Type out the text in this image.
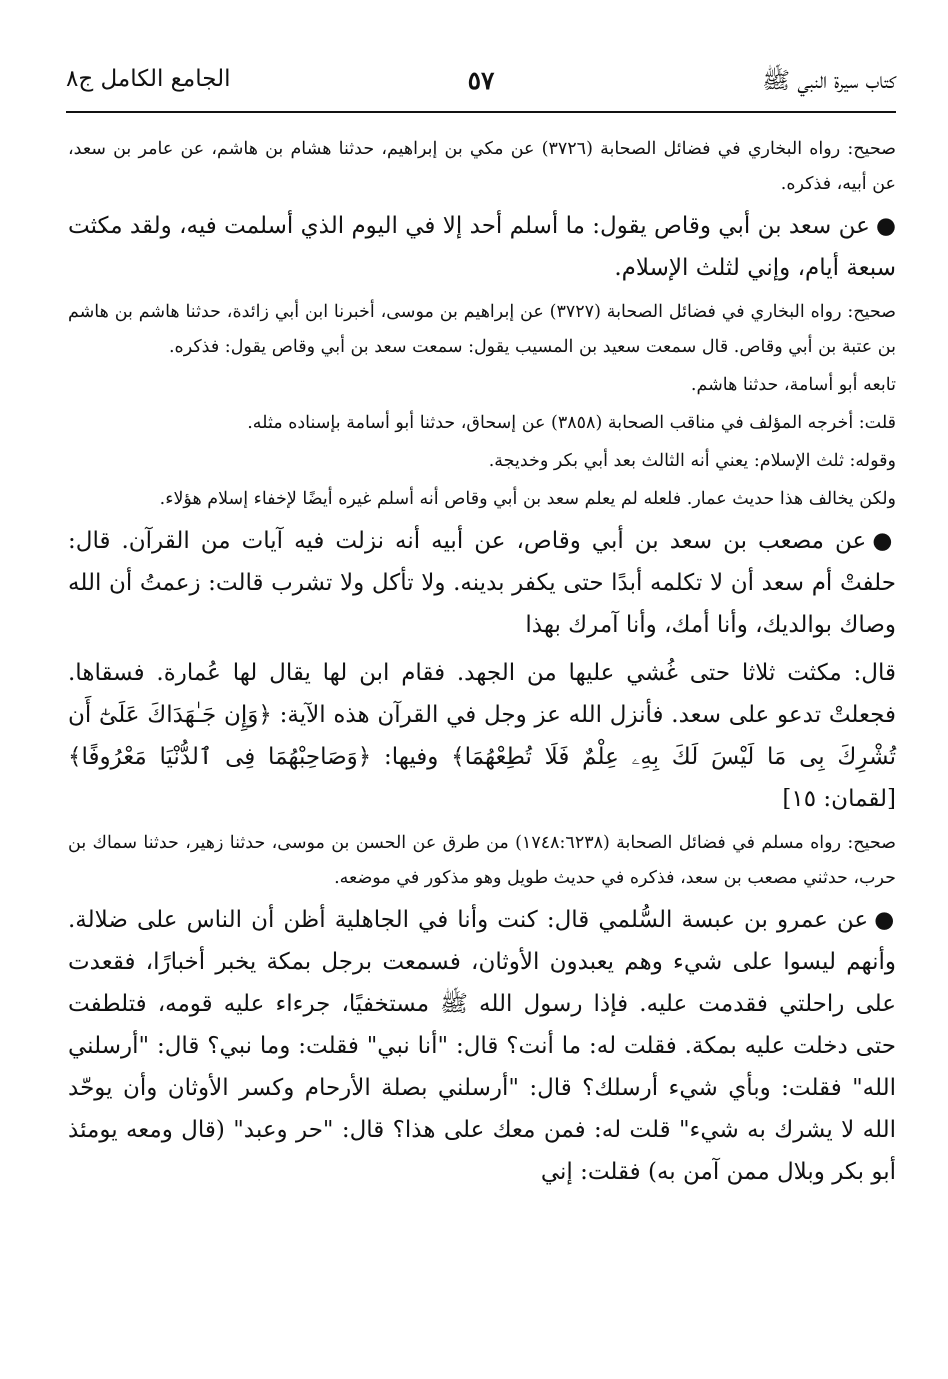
كتاب سيرة النبي ﷺ
٥٧
الجامع الكامل ج٨

صحيح: رواه البخاري في فضائل الصحابة (٣٧٢٦) عن مكي بن إبراهيم، حدثنا هشام بن هاشم، عن عامر بن سعد، عن أبيه، فذكره.

●عن سعد بن أبي وقاص يقول: ما أسلم أحد إلا في اليوم الذي أسلمت فيه، ولقد مكثت سبعة أيام، وإني لثلث الإسلام.

صحيح: رواه البخاري في فضائل الصحابة (٣٧٢٧) عن إبراهيم بن موسى، أخبرنا ابن أبي زائدة، حدثنا هاشم بن هاشم بن عتبة بن أبي وقاص. قال سمعت سعيد بن المسيب يقول: سمعت سعد بن أبي وقاص يقول: فذكره.

تابعه أبو أسامة، حدثنا هاشم.

قلت: أخرجه المؤلف في مناقب الصحابة (٣٨٥٨) عن إسحاق، حدثنا أبو أسامة بإسناده مثله.

وقوله: ثلث الإسلام: يعني أنه الثالث بعد أبي بكر وخديجة.

ولكن يخالف هذا حديث عمار. فلعله لم يعلم سعد بن أبي وقاص أنه أسلم غيره أيضًا لإخفاء إسلام هؤلاء.

●عن مصعب بن سعد بن أبي وقاص، عن أبيه أنه نزلت فيه آيات من القرآن. قال: حلفتْ أم سعد أن لا تكلمه أبدًا حتى يكفر بدينه. ولا تأكل ولا تشرب قالت: زعمتُ أن الله وصاك بوالديك، وأنا أمك، وأنا آمرك بهذا

قال: مكثت ثلاثا حتى غُشي عليها من الجهد. فقام ابن لها يقال لها عُمارة. فسقاها. فجعلتْ تدعو على سعد. فأنزل الله عز وجل في القرآن هذه الآية: ﴿وَإِن جَـٰهَدَاكَ عَلَىٰٓ أَن تُشْرِكَ بِى مَا لَيْسَ لَكَ بِهِۦ عِلْمٌ فَلَا تُطِعْهُمَا﴾ وفيها: ﴿وَصَاحِبْهُمَا فِى ٱلدُّنْيَا مَعْرُوفًا﴾ [لقمان: ١٥]

صحيح: رواه مسلم في فضائل الصحابة (١٧٤٨:٦٢٣٨) من طرق عن الحسن بن موسى، حدثنا زهير، حدثنا سماك بن حرب، حدثني مصعب بن سعد، فذكره في حديث طويل وهو مذكور في موضعه.

●عن عمرو بن عبسة السُّلمي قال: كنت وأنا في الجاهلية أظن أن الناس على ضلالة. وأنهم ليسوا على شيء وهم يعبدون الأوثان، فسمعت برجل بمكة يخبر أخبارًا، فقعدت على راحلتي فقدمت عليه. فإذا رسول الله ﷺ مستخفيًا، جرءاء عليه قومه، فتلطفت حتى دخلت عليه بمكة. فقلت له: ما أنت؟ قال: "أنا نبي" فقلت: وما نبي؟ قال: "أرسلني الله" فقلت: وبأي شيء أرسلك؟ قال: "أرسلني بصلة الأرحام وكسر الأوثان وأن يوحّد الله لا يشرك به شيء" قلت له: فمن معك على هذا؟ قال: "حر وعبد" (قال ومعه يومئذ أبو بكر وبلال ممن آمن به) فقلت: إني
